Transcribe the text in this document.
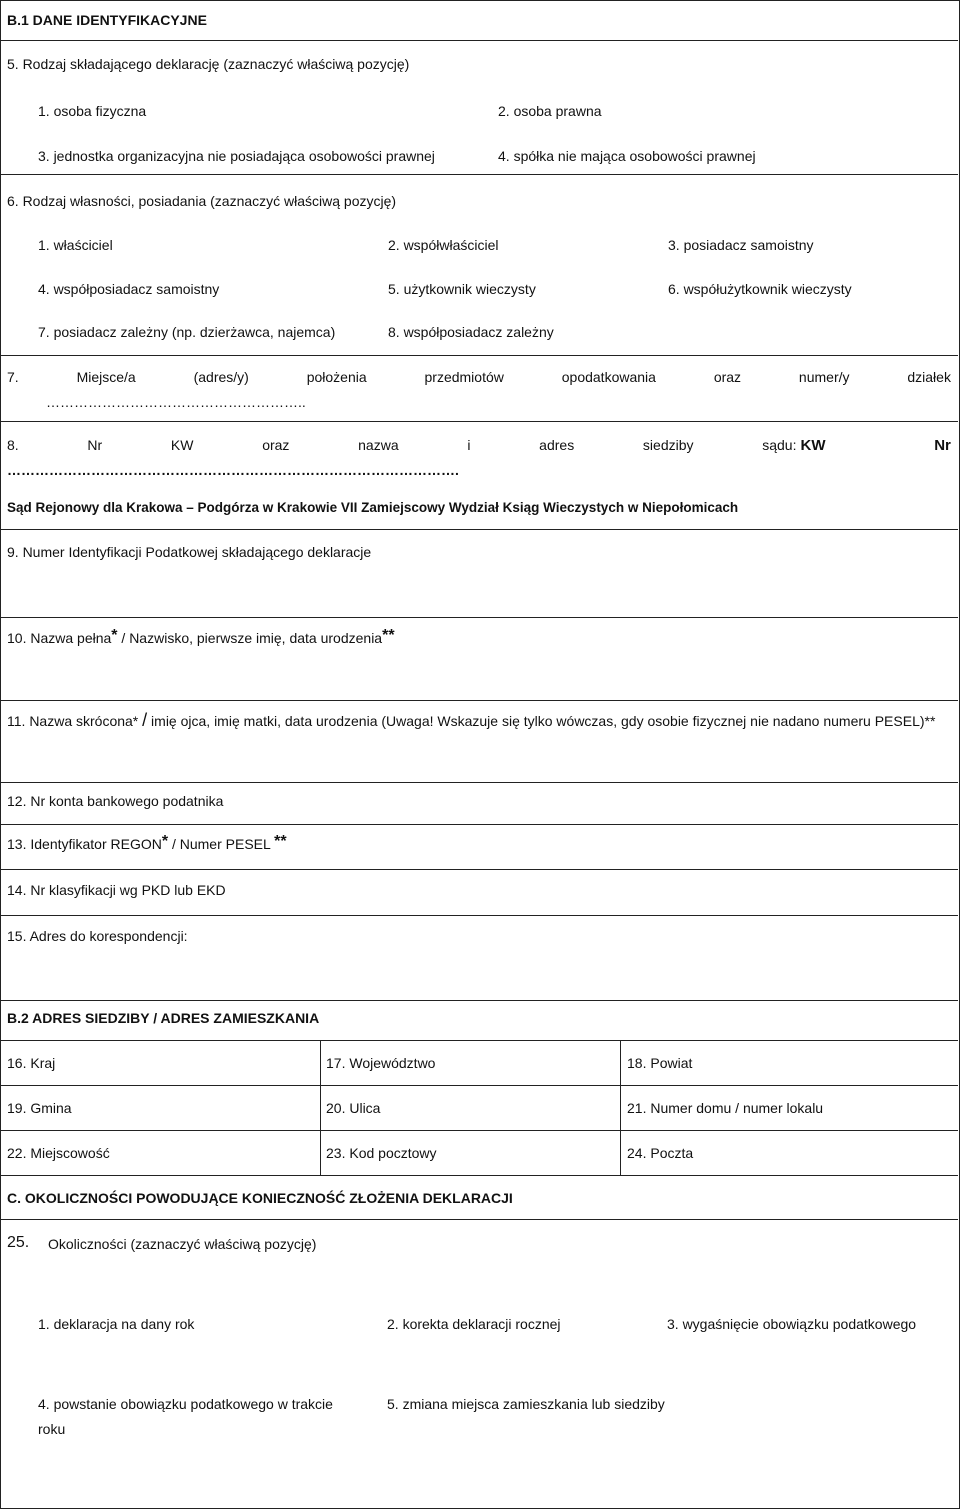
B.1 DANE IDENTYFIKACYJNE
5. Rodzaj składającego deklarację (zaznaczyć właściwą pozycję)
1. osoba fizyczna	2. osoba prawna
3. jednostka organizacyjna nie posiadająca osobowości prawnej	4. spółka nie mająca osobowości prawnej
6. Rodzaj własności, posiadania (zaznaczyć właściwą pozycję)
1. właściciel	2. współwłaściciel	3. posiadacz samoistny
4. współposiadacz samoistny	5. użytkownik wieczysty	6. współużytkownik wieczysty
7. posiadacz zależny (np. dzierżawca, najemca)	8. współposiadacz zależny
7.	Miejsce/a	(adres/y)	położenia	przedmiotów	opodatkowania	oraz	numer/y	działek
………………………………………………..
8.	Nr	KW	oraz	nazwa	i	adres	siedziby	sądu: KW	Nr
…………………………………………………………………………………….
Sąd Rejonowy dla Krakowa – Podgórza w Krakowie VII Zamiejscowy Wydział Ksiąg Wieczystych w Niepołomicach
9. Numer Identyfikacji Podatkowej składającego deklaracje
10. Nazwa pełna* / Nazwisko, pierwsze imię, data urodzenia**
11. Nazwa skrócona* / imię ojca, imię matki, data urodzenia (Uwaga! Wskazuje się tylko wówczas, gdy osobie fizycznej nie nadano numeru PESEL)**
12. Nr konta bankowego podatnika
13. Identyfikator REGON* / Numer PESEL **
14. Nr klasyfikacji wg PKD lub EKD
15. Adres do korespondencji:
B.2 ADRES SIEDZIBY / ADRES ZAMIESZKANIA
16. Kraj	17. Województwo	18. Powiat
19. Gmina	20. Ulica	21. Numer domu / numer lokalu
22. Miejscowość	23. Kod pocztowy	24. Poczta
C. OKOLICZNOŚCI POWODUJĄCE KONIECZNOŚĆ ZŁOŻENIA DEKLARACJI
25. Okoliczności (zaznaczyć właściwą pozycję)
1. deklaracja na dany rok	2. korekta deklaracji rocznej	3. wygaśnięcie obowiązku podatkowego
4. powstanie obowiązku podatkowego w trakcie
roku
5. zmiana miejsca zamieszkania lub siedziby
